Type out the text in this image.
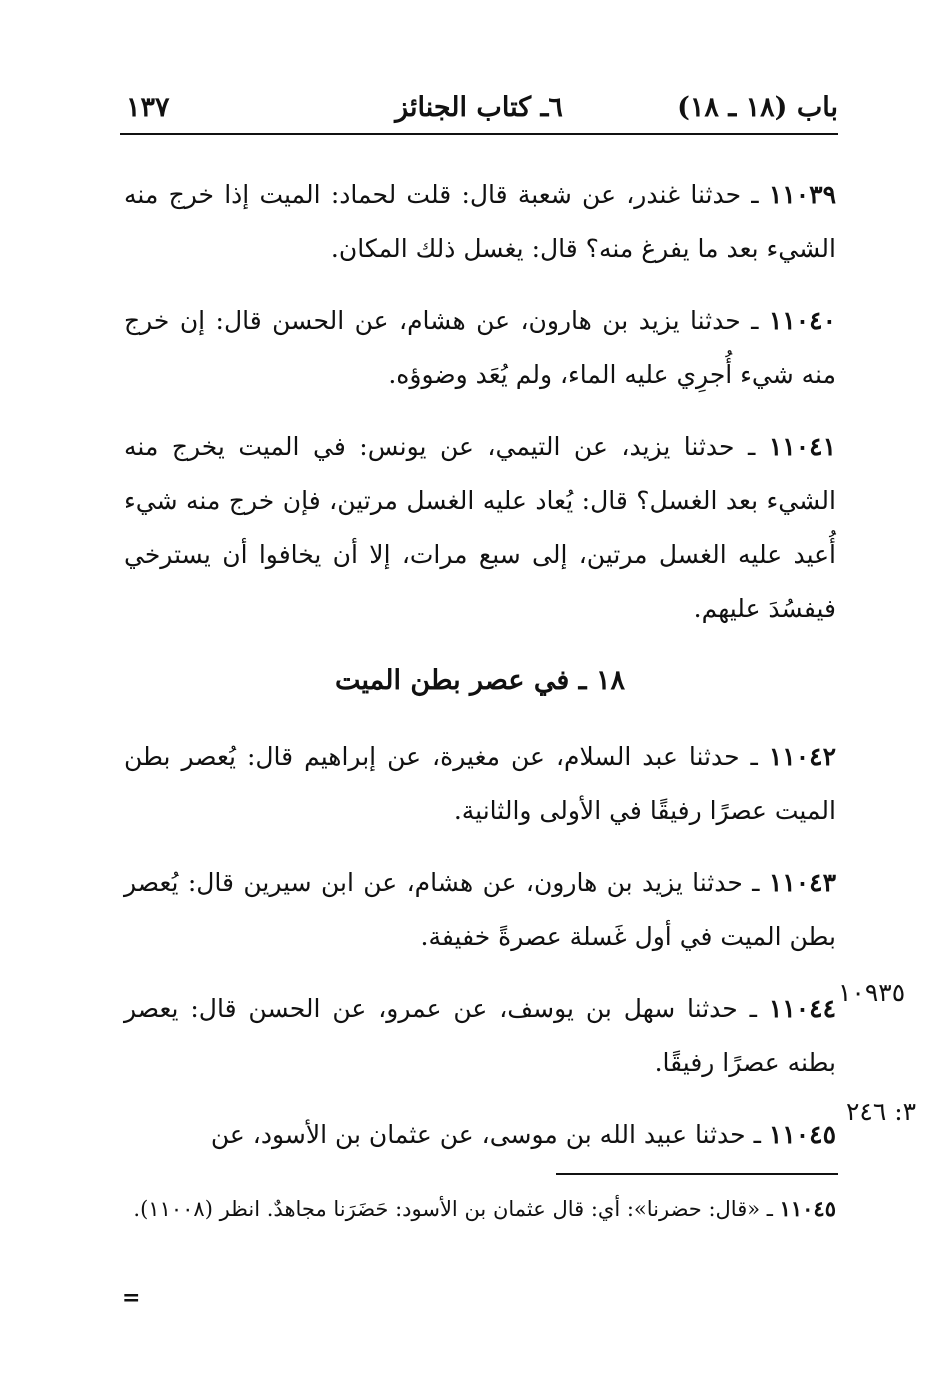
باب (١٨ ـ ١٨)
٦ـ كتاب الجنائز
١٣٧

١١٠٣٩ ـ حدثنا غندر، عن شعبة قال: قلت لحماد: الميت إذا خرج منه الشيء بعد ما يفرغ منه؟ قال: يغسل ذلك المكان.

١١٠٤٠ ـ حدثنا يزيد بن هارون، عن هشام، عن الحسن قال: إن خرج منه شيء أُجرِي عليه الماء، ولم يُعَد وضوؤه.

١١٠٤١ ـ حدثنا يزيد، عن التيمي، عن يونس: في الميت يخرج منه الشيء بعد الغسل؟ قال: يُعاد عليه الغسل مرتين، فإن خرج منه شيء أُعيد عليه الغسل مرتين، إلى سبع مرات، إلا أن يخافوا أن يسترخي فيفسُدَ عليهم.

١٨ ـ في عصر بطن الميت

١١٠٤٢ ـ حدثنا عبد السلام، عن مغيرة، عن إبراهيم قال: يُعصر بطن الميت عصرًا رفيقًا في الأولى والثانية.

١١٠٤٣ ـ حدثنا يزيد بن هارون، عن هشام، عن ابن سيرين قال: يُعصر بطن الميت في أول غَسلة عصرةً خفيفة.

١١٠٤٤ ـ حدثنا سهل بن يوسف، عن عمرو، عن الحسن قال: يعصر بطنه عصرًا رفيقًا.

١١٠٤٥ ـ حدثنا عبيد الله بن موسى، عن عثمان بن الأسود، عن

١٠٩٣٥
٣: ٢٤٦
١١٠٤٥ ـ «قال: حضرنا»: أي: قال عثمان بن الأسود: حَضَرَنا مجاهدٌ. انظر (١١٠٠٨).
=
